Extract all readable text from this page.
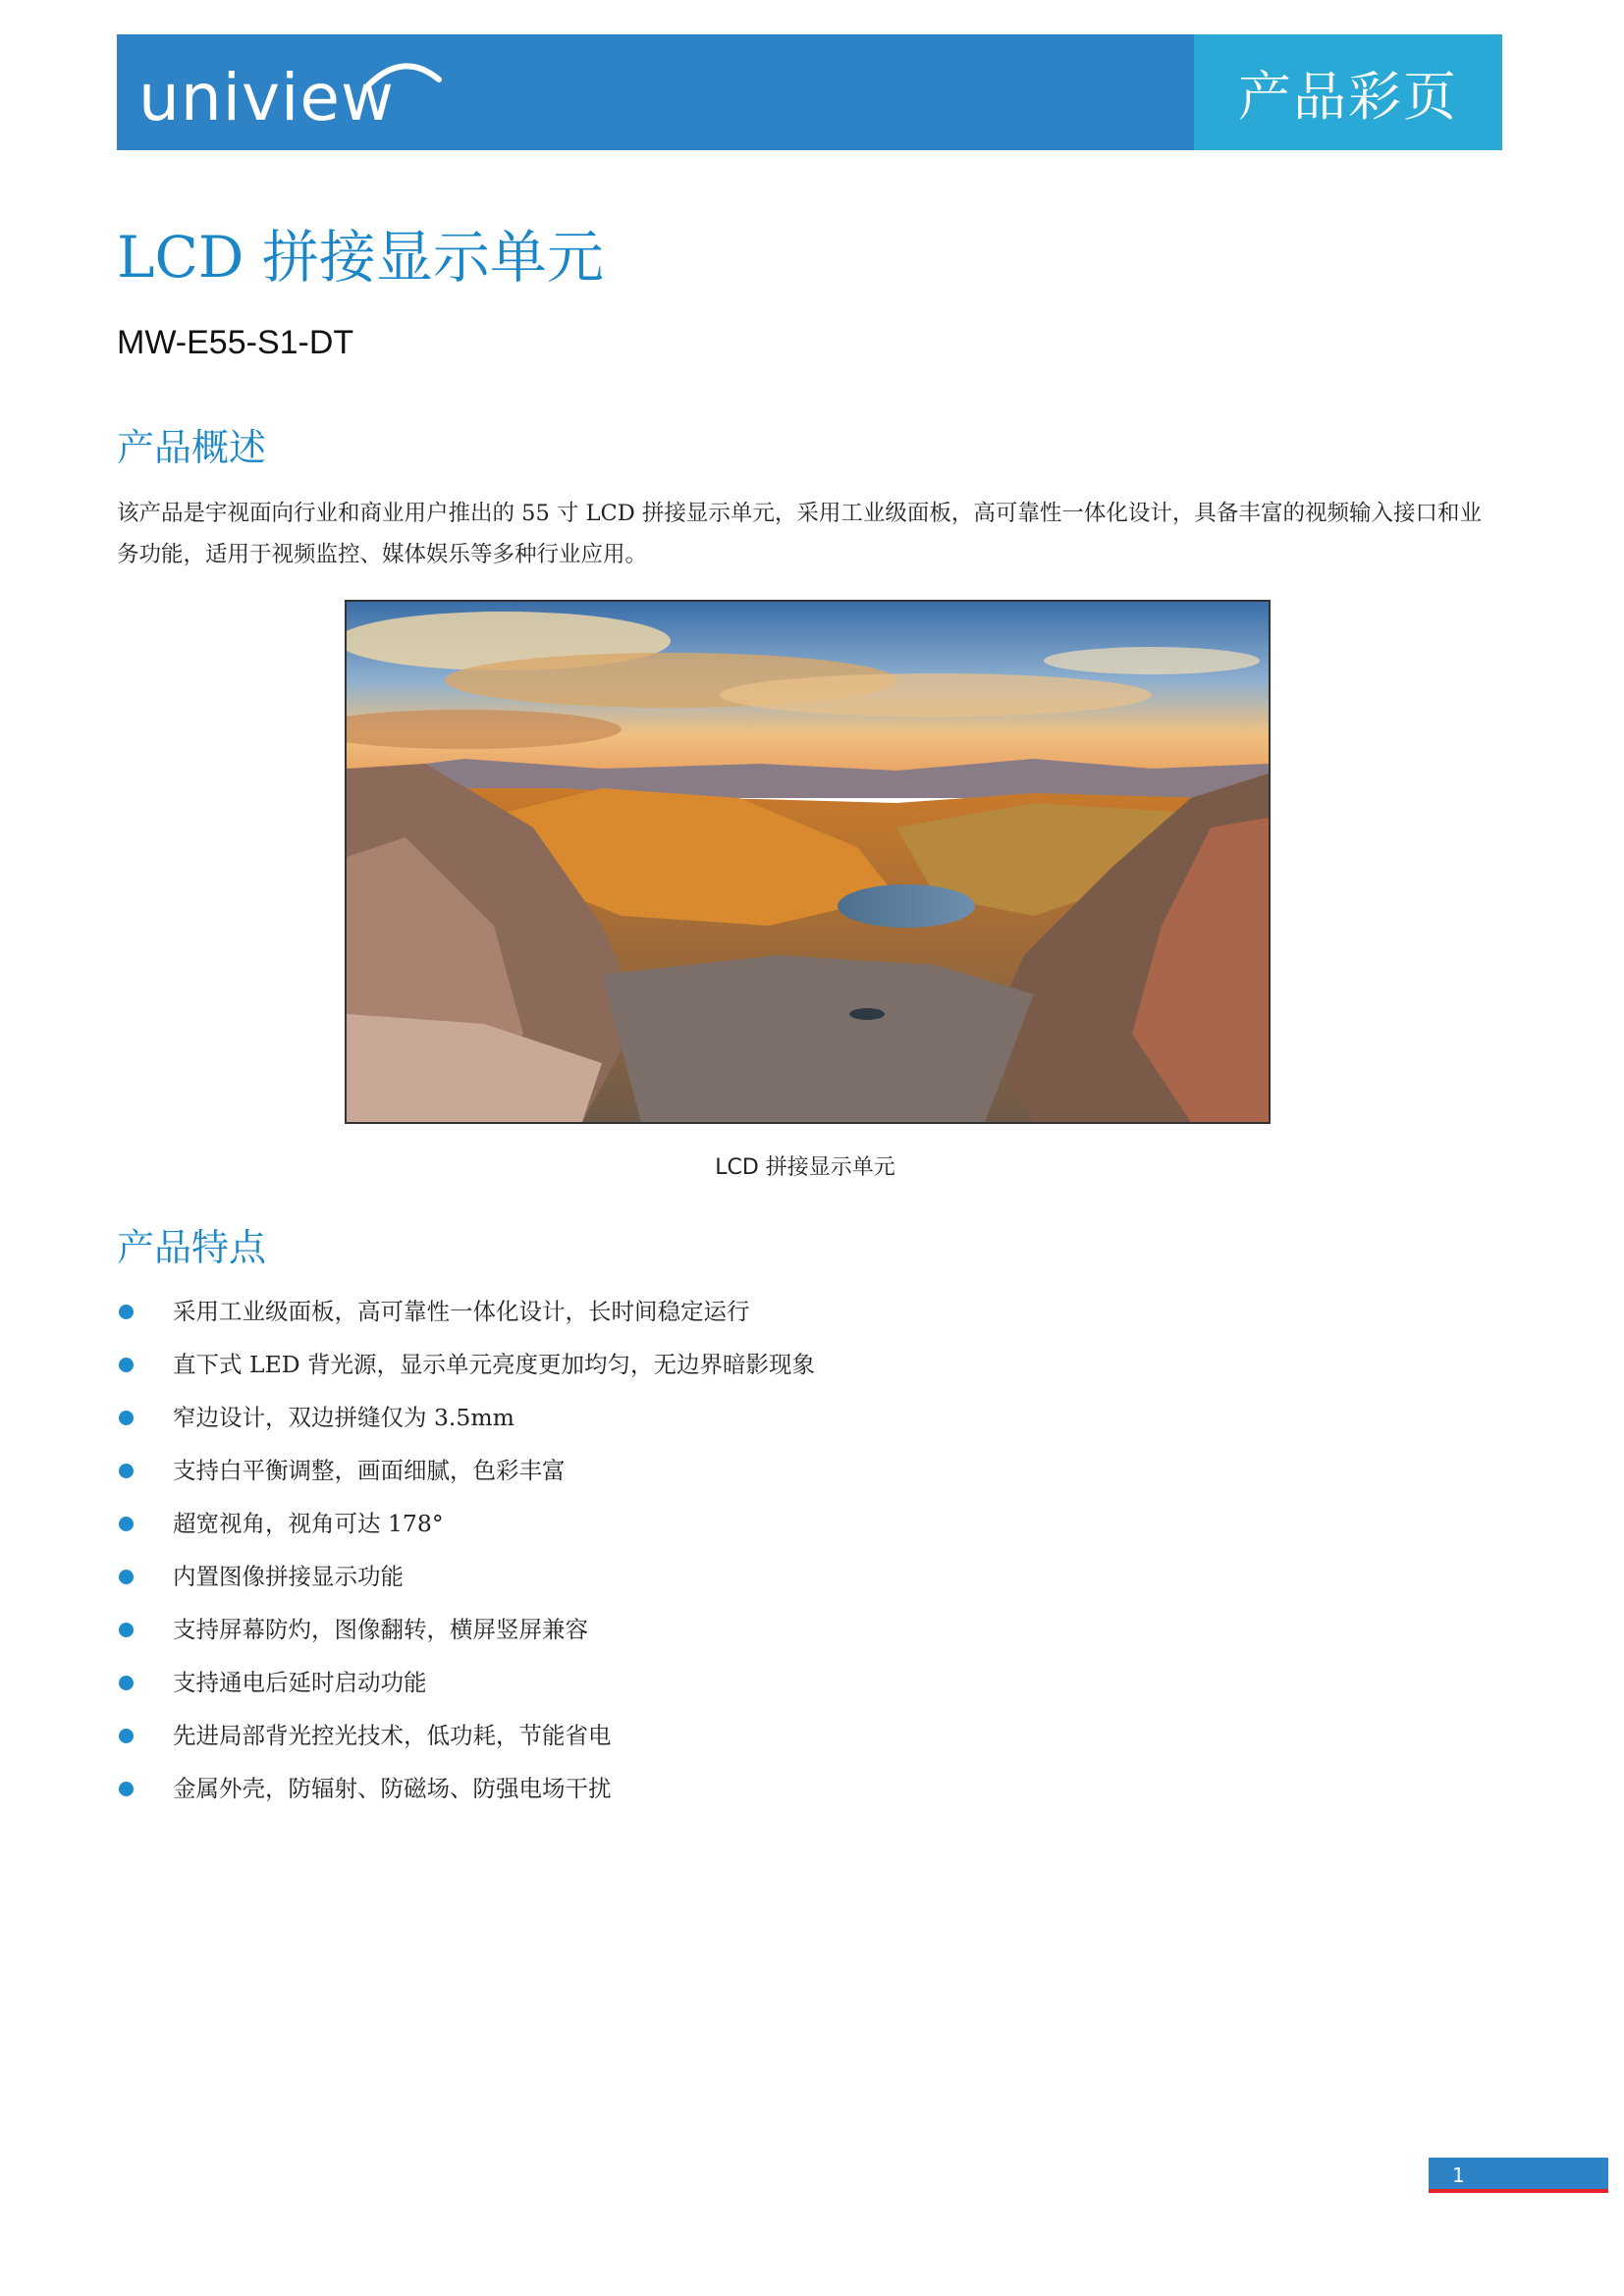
uniview	产品彩页
LCD 拼接显示单元
MW-E55-S1-DT
产品概述
该产品是宇视面向行业和商业用户推出的 55 寸 LCD 拼接显示单元，采用工业级面板，高可靠性一体化设计，具备丰富的视频输入接口和业务功能，适用于视频监控、媒体娱乐等多种行业应用。
LCD 拼接显示单元
产品特点
采用工业级面板，高可靠性一体化设计，长时间稳定运行
直下式 LED 背光源，显示单元亮度更加均匀，无边界暗影现象
窄边设计，双边拼缝仅为 3.5mm
支持白平衡调整，画面细腻，色彩丰富
超宽视角，视角可达 178°
内置图像拼接显示功能
支持屏幕防灼，图像翻转，横屏竖屏兼容
支持通电后延时启动功能
先进局部背光控光技术，低功耗，节能省电
金属外壳，防辐射、防磁场、防强电场干扰
1
